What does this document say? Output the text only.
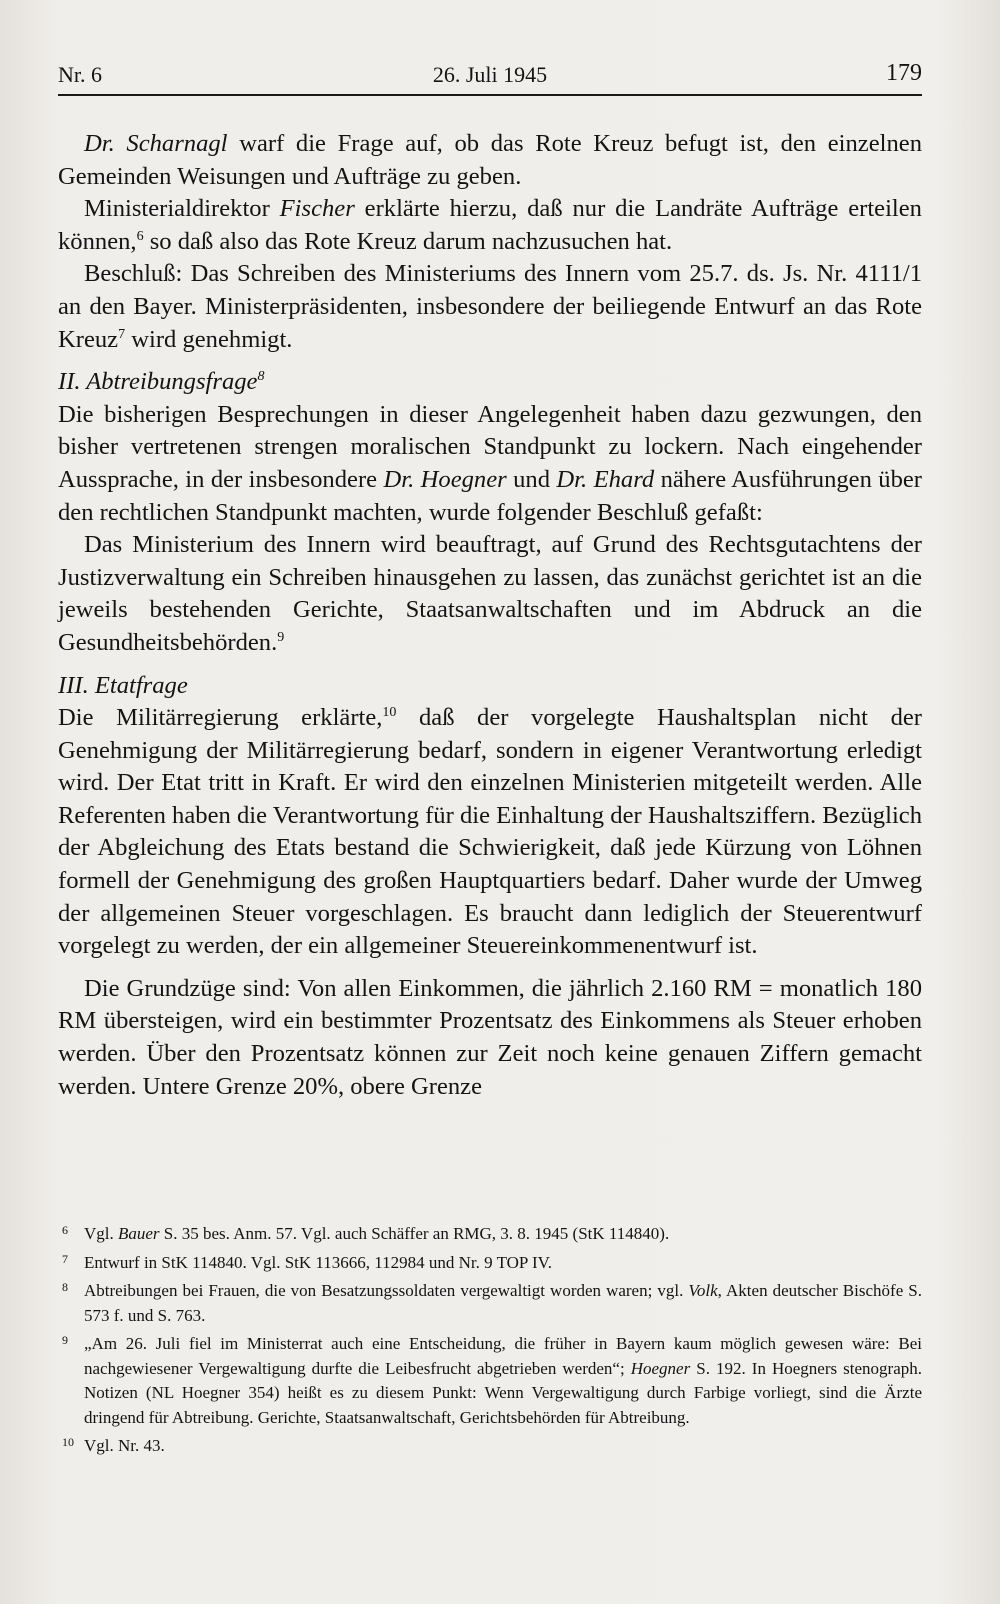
Nr. 6	26. Juli 1945	179

Dr. Scharnagl warf die Frage auf, ob das Rote Kreuz befugt ist, den einzelnen Gemeinden Weisungen und Aufträge zu geben.

Ministerialdirektor Fischer erklärte hierzu, daß nur die Landräte Aufträge erteilen können,$^6$ so daß also das Rote Kreuz darum nachzusuchen hat.

Beschluß: Das Schreiben des Ministeriums des Innern vom 25.7. ds. Js. Nr. 4111/1 an den Bayer. Ministerpräsidenten, insbesondere der beiliegende Entwurf an das Rote Kreuz$^7$ wird genehmigt.

II. Abtreibungsfrage$^8$

Die bisherigen Besprechungen in dieser Angelegenheit haben dazu gezwungen, den bisher vertretenen strengen moralischen Standpunkt zu lockern. Nach eingehender Aussprache, in der insbesondere Dr. Hoegner und Dr. Ehard nähere Ausführungen über den rechtlichen Standpunkt machten, wurde folgender Beschluß gefaßt:

Das Ministerium des Innern wird beauftragt, auf Grund des Rechtsgutachtens der Justizverwaltung ein Schreiben hinausgehen zu lassen, das zunächst gerichtet ist an die jeweils bestehenden Gerichte, Staatsanwaltschaften und im Abdruck an die Gesundheitsbehörden.$^9$

III. Etatfrage

Die Militärregierung erklärte,$^{10}$ daß der vorgelegte Haushaltsplan nicht der Genehmigung der Militärregierung bedarf, sondern in eigener Verantwortung erledigt wird. Der Etat tritt in Kraft. Er wird den einzelnen Ministerien mitgeteilt werden. Alle Referenten haben die Verantwortung für die Einhaltung der Haushaltsziffern. Bezüglich der Abgleichung des Etats bestand die Schwierigkeit, daß jede Kürzung von Löhnen formell der Genehmigung des großen Hauptquartiers bedarf. Daher wurde der Umweg der allgemeinen Steuer vorgeschlagen. Es braucht dann lediglich der Steuerentwurf vorgelegt zu werden, der ein allgemeiner Steuereinkommenentwurf ist.

Die Grundzüge sind: Von allen Einkommen, die jährlich 2.160 RM = monatlich 180 RM übersteigen, wird ein bestimmter Prozentsatz des Einkommens als Steuer erhoben werden. Über den Prozentsatz können zur Zeit noch keine genauen Ziffern gemacht werden. Untere Grenze 20%, obere Grenze

6 Vgl. Bauer S. 35 bes. Anm. 57. Vgl. auch Schäffer an RMG, 3. 8. 1945 (StK 114840).
7 Entwurf in StK 114840. Vgl. StK 113666, 112984 und Nr. 9 TOP IV.
8 Abtreibungen bei Frauen, die von Besatzungssoldaten vergewaltigt worden waren; vgl. Volk, Akten deutscher Bischöfe S. 573 f. und S. 763.
9 „Am 26. Juli fiel im Ministerrat auch eine Entscheidung, die früher in Bayern kaum möglich gewesen wäre: Bei nachgewiesener Vergewaltigung durfte die Leibesfrucht abgetrieben werden“; Hoegner S. 192. In Hoegners stenograph. Notizen (NL Hoegner 354) heißt es zu diesem Punkt: Wenn Vergewaltigung durch Farbige vorliegt, sind die Ärzte dringend für Abtreibung. Gerichte, Staatsanwaltschaft, Gerichtsbehörden für Abtreibung.
10 Vgl. Nr. 43.
